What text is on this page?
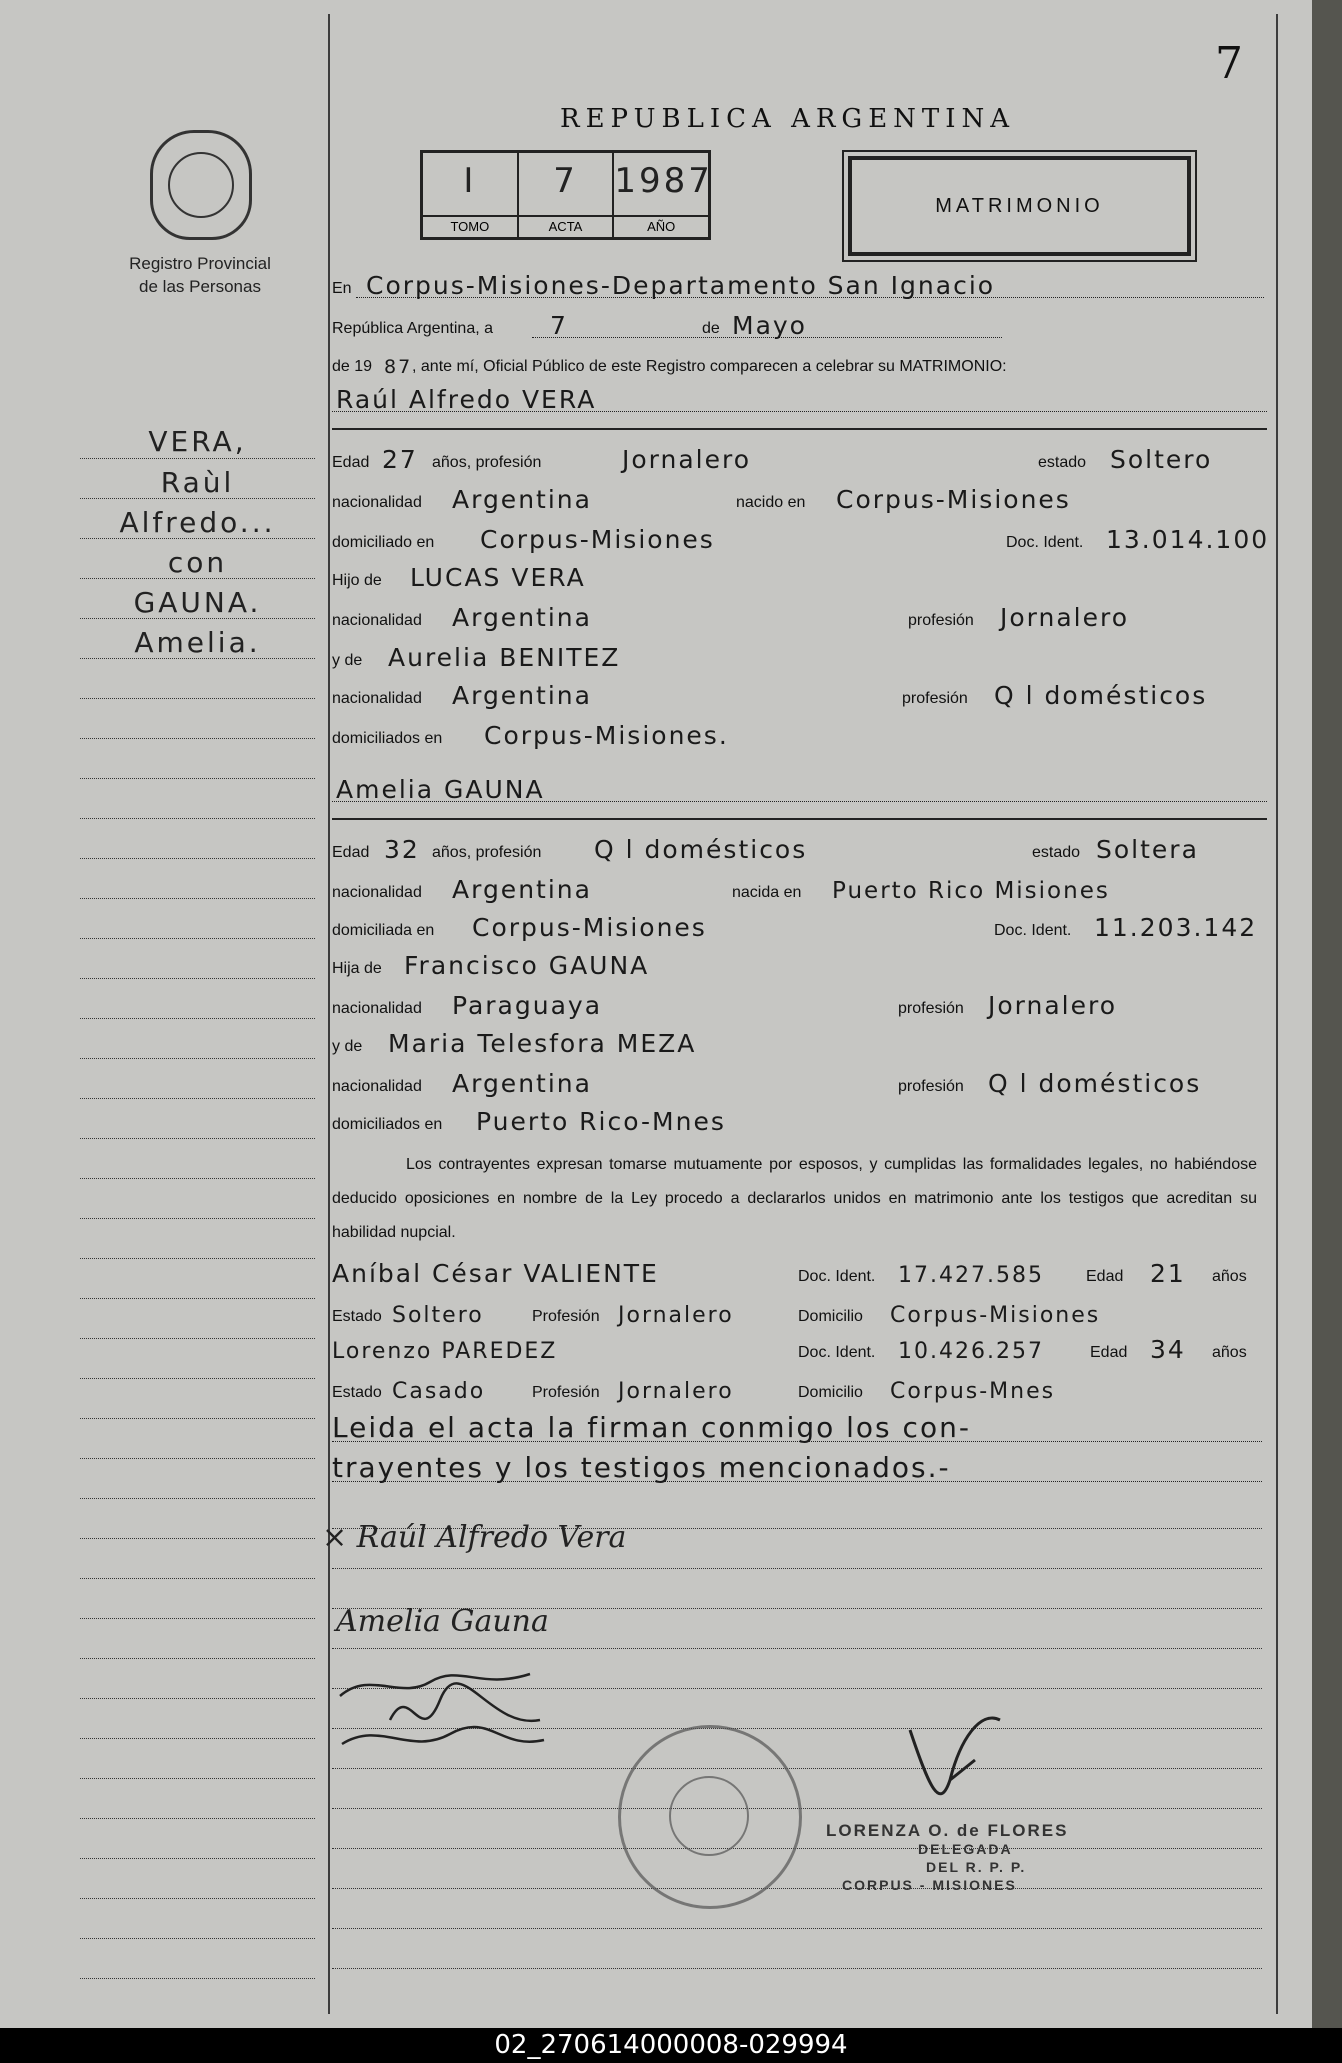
7
Registro Provincial
de las Personas
REPUBLICA ARGENTINA
I
TOMO
7
ACTA
1987
AÑO
MATRIMONIO
VERA,
Raùl
Alfredo...
con
GAUNA.
Amelia.
En Corpus-Misiones-Departamento San Ignacio
República Argentina, a 7	de Mayo
de 19 87 , ante mí, Oficial Público de este Registro comparecen a celebrar su MATRIMONIO:
Raúl Alfredo VERA
Edad 27 años, profesión	Jornalero	estado Soltero
nacionalidad Argentina	nacido en Corpus-Misiones
domiciliado en Corpus-Misiones	Doc. Ident. 13.014.100
Hijo de LUCAS VERA
nacionalidad Argentina	profesión Jornalero
y de Aurelia BENITEZ
nacionalidad Argentina	profesión Q l domésticos
domiciliados en Corpus-Misiones.
Amelia GAUNA
Edad 32 años, profesión Q l domésticos	estado Soltera
nacionalidad Argentina	nacida en Puerto Rico Misiones
domiciliada en Corpus-Misiones	Doc. Ident. 11.203.142
Hija de Francisco GAUNA
nacionalidad Paraguaya	profesión Jornalero
y de Maria Telesfora MEZA
nacionalidad Argentina	profesión Q l domésticos
domiciliados en Puerto Rico-Mnes
Los contrayentes expresan tomarse mutuamente por esposos, y cumplidas las formalidades legales, no habiéndose deducido oposiciones en nombre de la Ley procedo a declararlos unidos en matrimonio ante los testigos que acreditan su habilidad nupcial.
Aníbal César VALIENTE	Doc. Ident. 17.427.585	Edad 21 años
Estado Soltero	Profesión Jornalero	Domicilio Corpus-Misiones
Lorenzo PAREDEZ	Doc. Ident. 10.426.257	Edad 34 años
Estado Casado	Profesión Jornalero	Domicilio Corpus-Mnes
Leida el acta la firman conmigo los con-
trayentes y los testigos mencionados.-
× Raúl Alfredo Vera
Amelia Gauna
LORENZA O. de FLORES
DELEGADA
DEL R. P. P.
CORPUS - MISIONES
02_270614000008-029994
